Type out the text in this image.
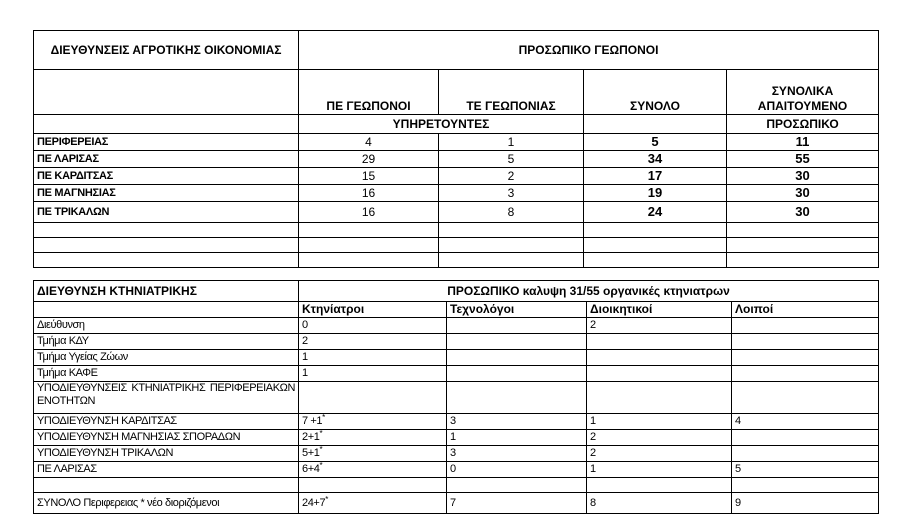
ΔΙΕΥΘΥΝΣΕΙΣ ΑΓΡΟΤΙΚΗΣ ΟΙΚΟΝΟΜΙΑΣ	ΠΡΟΣΩΠΙΚΟ ΓΕΩΠΟΝΟΙ			
	ΠΕ ΓΕΩΠΟΝΟΙ	ΤΕ ΓΕΩΠΟΝΙΑΣ	ΣΥΝΟΛΟ	ΣΥΝΟΛΙΚΑ ΑΠΑΙΤΟΥΜΕΝΟ
	ΥΠΗΡΕΤΟΥΝΤΕΣ			ΠΡΟΣΩΠΙΚΟ
ΠΕΡΙΦΕΡΕΙΑΣ	4	1	5	11
ΠΕ ΛΑΡΙΣΑΣ	29	5	34	55
ΠΕ ΚΑΡΔΙΤΣΑΣ	15	2	17	30
ΠΕ ΜΑΓΝΗΣΙΑΣ	16	3	19	30
ΠΕ ΤΡΙΚΑΛΩΝ	16	8	24	30

ΔΙΕΥΘΥΝΣΗ ΚΤΗΝΙΑΤΡΙΚΗΣ	ΠΡΟΣΩΠΙΚΟ καλυψη 31/55 οργανικές κτηνιατρων			
	Κτηνίατροι	Τεχνολόγοι	Διοικητικοί	Λοιποί
Διεύθυνση	0		2	
Τμήμα ΚΔΥ	2			
Τμήμα Υγείας Ζώων	1			
Τμήμα ΚΑΦΕ	1			
ΥΠΟΔΙΕΥΘΥΝΣΕΙΣ ΚΤΗΝΙΑΤΡΙΚΗΣ ΠΕΡΙΦΕΡΕΙΑΚΩΝ ΕΝΟΤΗΤΩΝ				
ΥΠΟΔΙΕΥΘΥΝΣΗ ΚΑΡΔΙΤΣΑΣ	7 +1*	3	1	4
ΥΠΟΔΙΕΥΘΥΝΣΗ ΜΑΓΝΗΣΙΑΣ ΣΠΟΡΑΔΩΝ	2+1*	1	2	
ΥΠΟΔΙΕΥΘΥΝΣΗ ΤΡΙΚΑΛΩΝ	5+1*	3	2	
ΠΕ ΛΑΡΙΣΑΣ	6+4*	0	1	5

ΣΥΝΟΛΟ Περιφερειας * νέο διοριζόμενοι	24+7*	7	8	9
